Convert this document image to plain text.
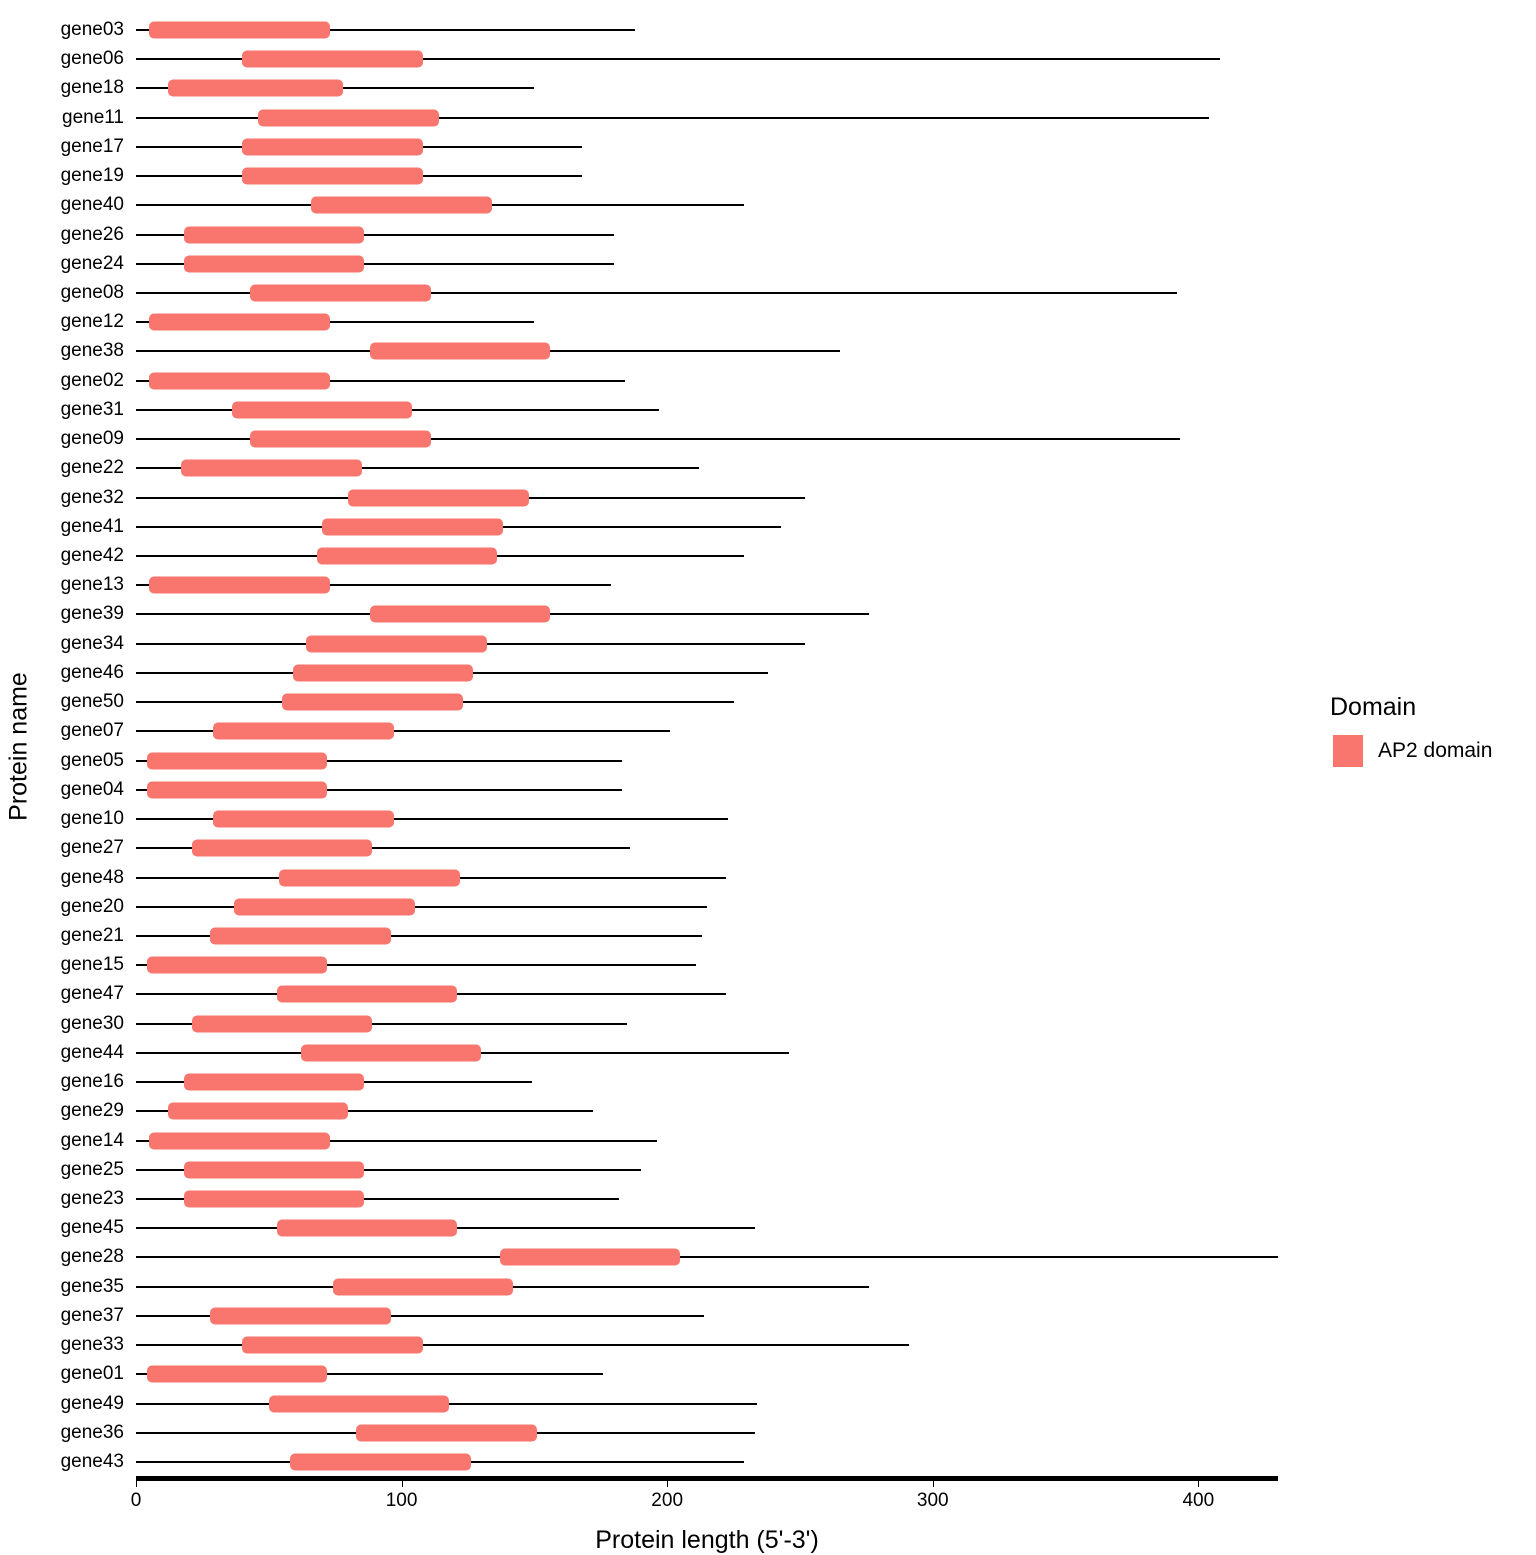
Protein name
Protein length (5'-3')
gene03
gene06
gene18
gene11
gene17
gene19
gene40
gene26
gene24
gene08
gene12
gene38
gene02
gene31
gene09
gene22
gene32
gene41
gene42
gene13
gene39
gene34
gene46
gene50
gene07
gene05
gene04
gene10
gene27
gene48
gene20
gene21
gene15
gene47
gene30
gene44
gene16
gene29
gene14
gene25
gene23
gene45
gene28
gene35
gene37
gene33
gene01
gene49
gene36
gene43
0	100	200	300	400
Domain
AP2 domain
